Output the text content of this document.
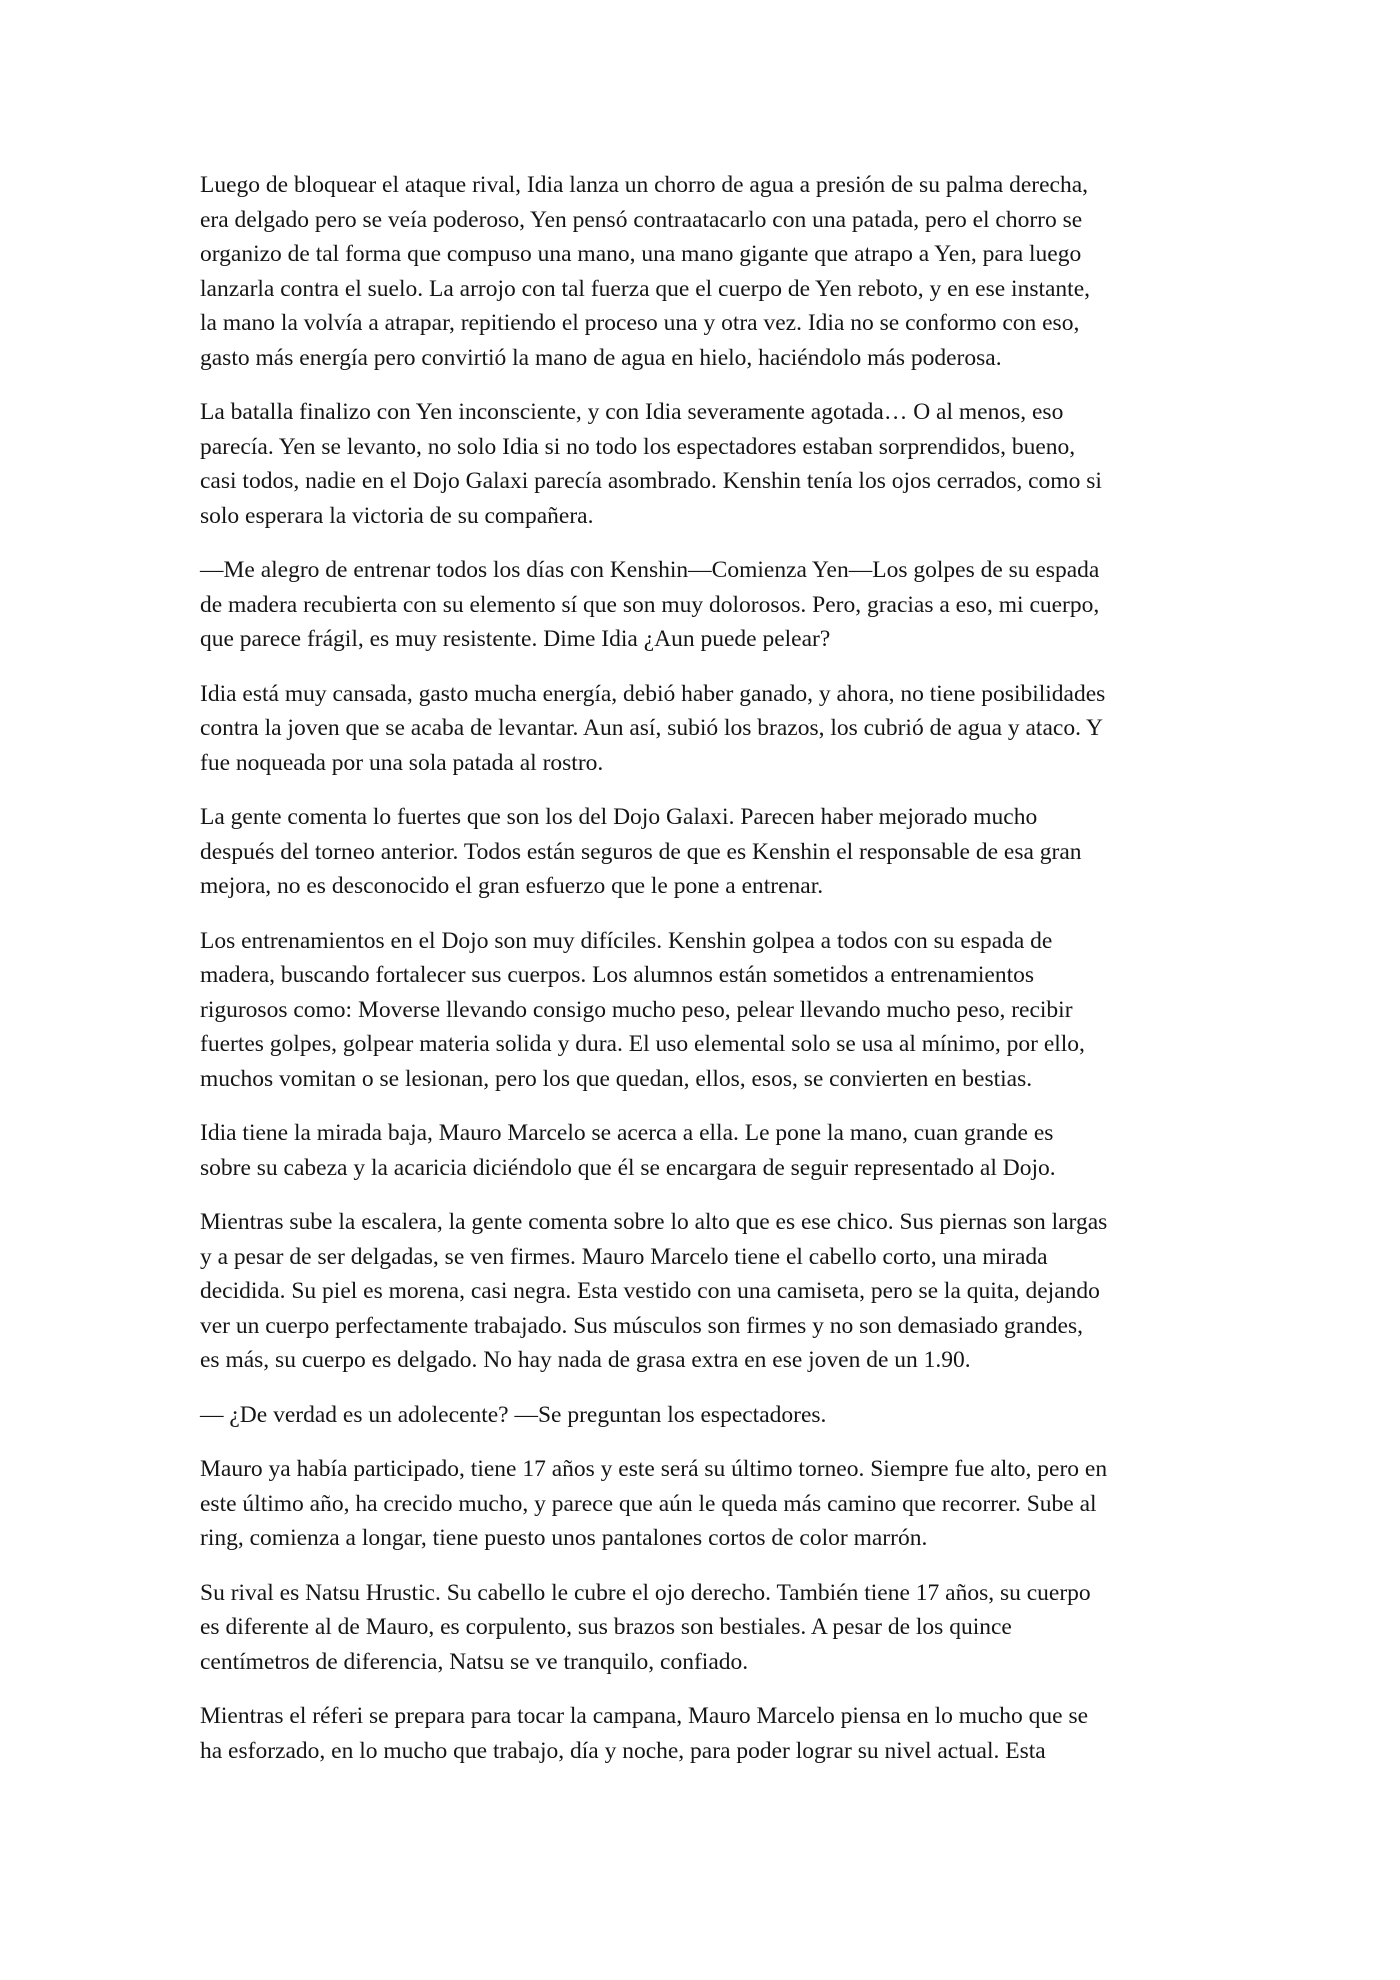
Luego de bloquear el ataque rival, Idia lanza un chorro de agua a presión de su palma derecha,
era delgado pero se veía poderoso, Yen pensó contraatacarlo con una patada, pero el chorro se
organizo de tal forma que compuso una mano, una mano gigante que atrapo a Yen, para luego
lanzarla contra el suelo. La arrojo con tal fuerza que el cuerpo de Yen reboto, y en ese instante,
la mano la volvía a atrapar, repitiendo el proceso una y otra vez. Idia no se conformo con eso,
gasto más energía pero convirtió la mano de agua en hielo, haciéndolo más poderosa.

La batalla finalizo con Yen inconsciente, y con Idia severamente agotada… O al menos, eso
parecía. Yen se levanto, no solo Idia si no todo los espectadores estaban sorprendidos, bueno,
casi todos, nadie en el Dojo Galaxi parecía asombrado. Kenshin tenía los ojos cerrados, como si
solo esperara la victoria de su compañera.

—Me alegro de entrenar todos los días con Kenshin—Comienza Yen—Los golpes de su espada
de madera recubierta con su elemento sí que son muy dolorosos. Pero, gracias a eso, mi cuerpo,
que parece frágil, es muy resistente. Dime Idia ¿Aun puede pelear?

Idia está muy cansada, gasto mucha energía, debió haber ganado, y ahora, no tiene posibilidades
contra la joven que se acaba de levantar. Aun así, subió los brazos, los cubrió de agua y ataco. Y
fue noqueada por una sola patada al rostro.

La gente comenta lo fuertes que son los del Dojo Galaxi. Parecen haber mejorado mucho
después del torneo anterior. Todos están seguros de que es Kenshin el responsable de esa gran
mejora, no es desconocido el gran esfuerzo que le pone a entrenar.

Los entrenamientos en el Dojo son muy difíciles. Kenshin golpea a todos con su espada de
madera, buscando fortalecer sus cuerpos. Los alumnos están sometidos a entrenamientos
rigurosos como: Moverse llevando consigo mucho peso, pelear llevando mucho peso, recibir
fuertes golpes, golpear materia solida y dura. El uso elemental solo se usa al mínimo, por ello,
muchos vomitan o se lesionan, pero los que quedan, ellos, esos, se convierten en bestias.

Idia tiene la mirada baja, Mauro Marcelo se acerca a ella. Le pone la mano, cuan grande es
sobre su cabeza y la acaricia diciéndolo que él se encargara de seguir representado al Dojo.

Mientras sube la escalera, la gente comenta sobre lo alto que es ese chico. Sus piernas son largas
y a pesar de ser delgadas, se ven firmes. Mauro Marcelo tiene el cabello corto, una mirada
decidida. Su piel es morena, casi negra. Esta vestido con una camiseta, pero se la quita, dejando
ver un cuerpo perfectamente trabajado. Sus músculos son firmes y no son demasiado grandes,
es más, su cuerpo es delgado. No hay nada de grasa extra en ese joven de un 1.90.

— ¿De verdad es un adolecente? —Se preguntan los espectadores.

Mauro ya había participado, tiene 17 años y este será su último torneo. Siempre fue alto, pero en
este último año, ha crecido mucho, y parece que aún le queda más camino que recorrer. Sube al
ring, comienza a longar, tiene puesto unos pantalones cortos de color marrón.

Su rival es Natsu Hrustic. Su cabello le cubre el ojo derecho. También tiene 17 años, su cuerpo
es diferente al de Mauro, es corpulento, sus brazos son bestiales. A pesar de los quince
centímetros de diferencia, Natsu se ve tranquilo, confiado.

Mientras el réferi se prepara para tocar la campana, Mauro Marcelo piensa en lo mucho que se
ha esforzado, en lo mucho que trabajo, día y noche, para poder lograr su nivel actual. Esta
